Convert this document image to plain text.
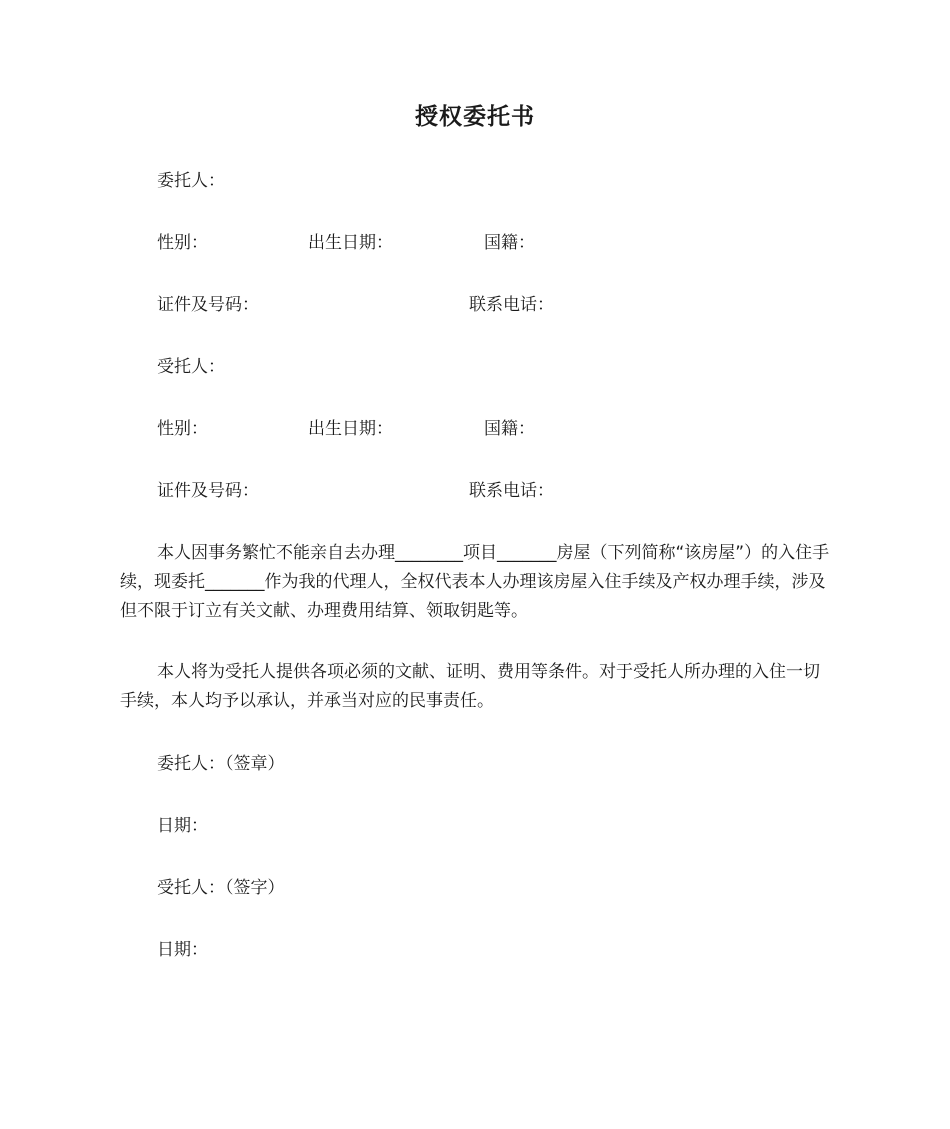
授权委托书

委托人：

性别：	出生日期：	国籍：

证件及号码：	联系电话：

受托人：

性别：	出生日期：	国籍：

证件及号码：	联系电话：

本人因事务繁忙不能亲自去办理________项目_______房屋（下列简称“该房屋”）的入住手续，现委托_______作为我的代理人，全权代表本人办理该房屋入住手续及产权办理手续，涉及但不限于订立有关文献、办理费用结算、领取钥匙等。

本人将为受托人提供各项必须的文献、证明、费用等条件。对于受托人所办理的入住一切手续，本人均予以承认，并承当对应的民事责任。

委托人：（签章）

日期：

受托人：（签字）

日期：
